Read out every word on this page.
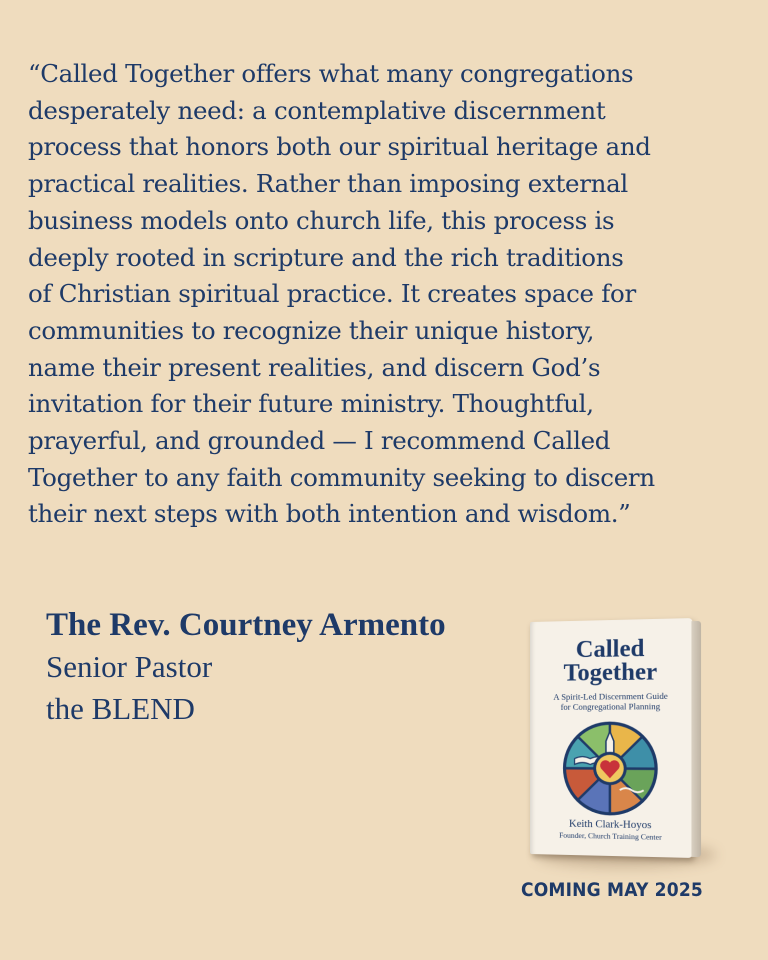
“Called Together offers what many congregations
desperately need: a contemplative discernment
process that honors both our spiritual heritage and
practical realities. Rather than imposing external
business models onto church life, this process is
deeply rooted in scripture and the rich traditions
of Christian spiritual practice. It creates space for
communities to recognize their unique history,
name their present realities, and discern God’s
invitation for their future ministry. Thoughtful,
prayerful, and grounded — I recommend Called
Together to any faith community seeking to discern
their next steps with both intention and wisdom.”

The Rev. Courtney Armento
Senior Pastor
the BLEND
Called
Together
A Spirit-Led Discernment Guide
for Congregational Planning
Keith Clark-Hoyos
Founder, Church Training Center
COMING MAY 2025
